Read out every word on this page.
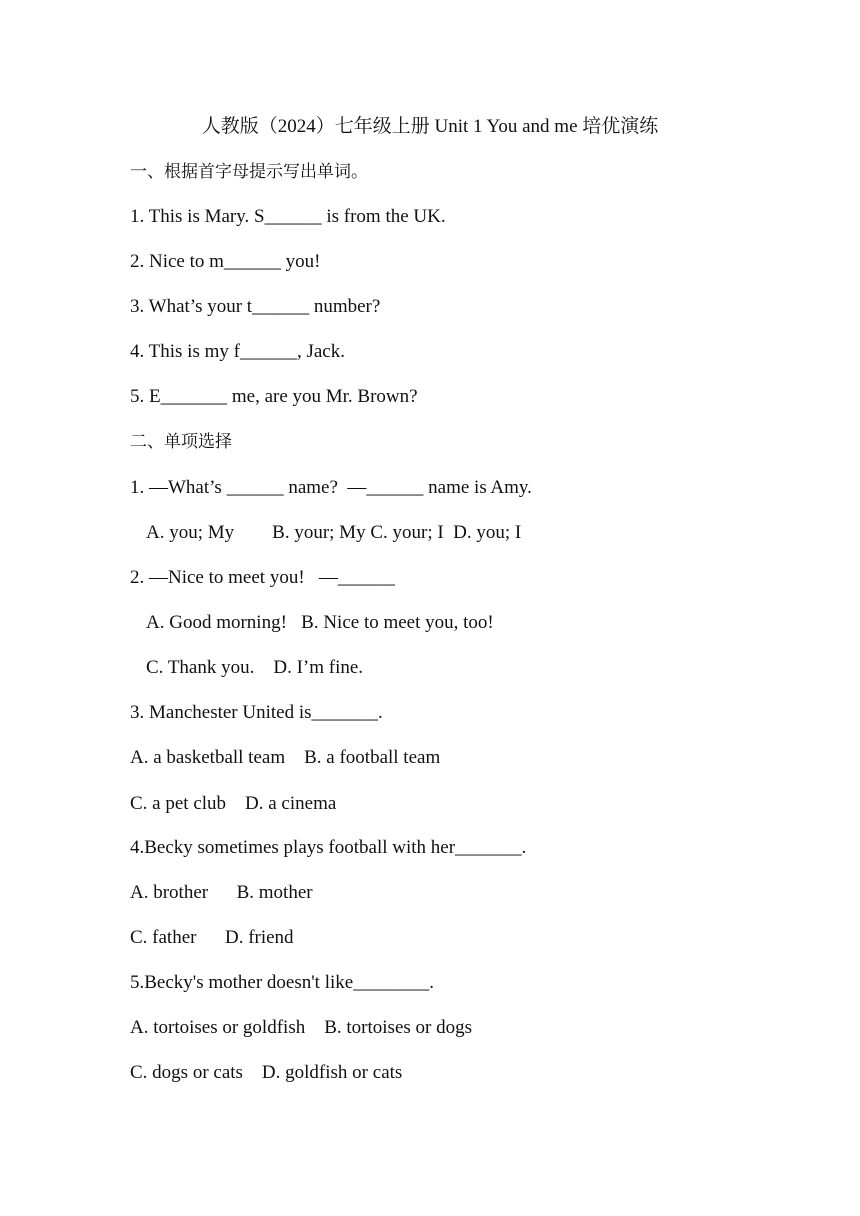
人教版（2024）七年级上册 Unit 1 You and me 培优演练
一、根据首字母提示写出单词。
1. This is Mary. S______ is from the UK.
2. Nice to m______ you!
3. What’s your t______ number?
4. This is my f______, Jack.
5. E_______ me, are you Mr. Brown?
二、单项选择
1. —What’s ______ name?  —______ name is Amy.
A. you; My        B. your; My C. your; I  D. you; I
2. —Nice to meet you!   —______
A. Good morning!   B. Nice to meet you, too!
C. Thank you.    D. I’m fine.
3. Manchester United is_______.
A. a basketball team    B. a football team
C. a pet club    D. a cinema
4.Becky sometimes plays football with her_______.
A. brother      B. mother
C. father      D. friend
5.Becky's mother doesn't like________.
A. tortoises or goldfish    B. tortoises or dogs
C. dogs or cats    D. goldfish or cats
